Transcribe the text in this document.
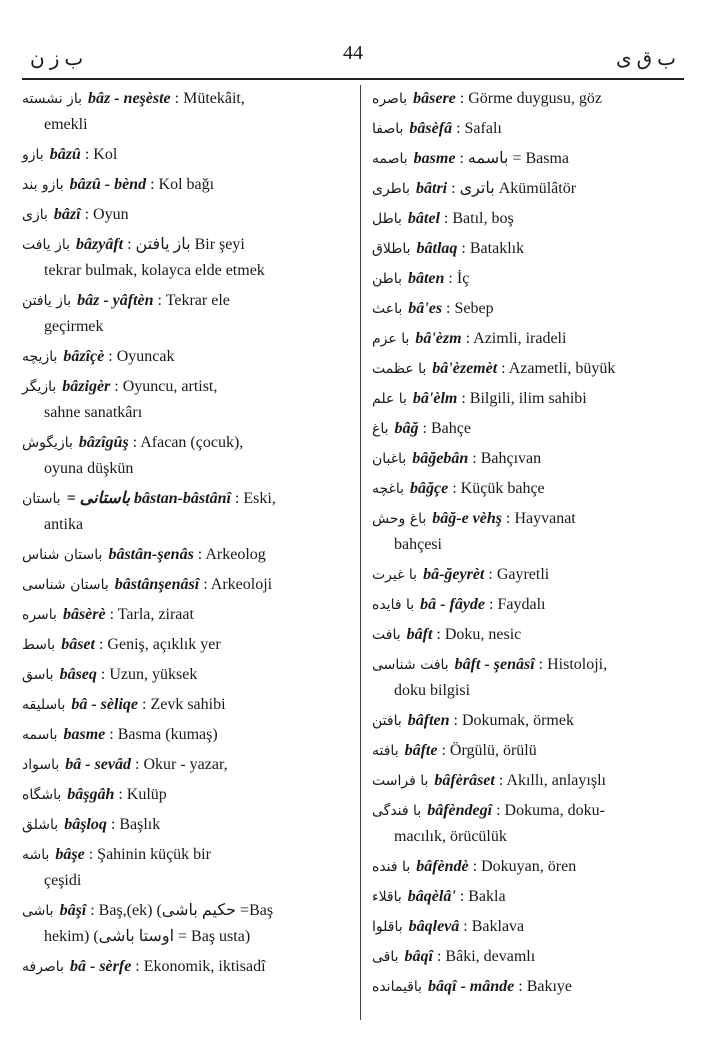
ب ز ن	44	ب ق ی
باز نشسته bâz - neşèste : Mütekâit,
emekli
بازو bâzû : Kol
بازو بند bâzû - bènd : Kol bağı
بازی bâzî : Oyun
باز یافت bâzyâft : باز یافتن Bir şeyi
tekrar bulmak, kolayca elde etmek
باز یافتن bâz - yâftèn : Tekrar ele
geçirmek
بازیچه bâzîçè : Oyuncak
بازیگر bâzigèr : Oyuncu, artist,
sahne sanatkârı
بازیگوش bâzîgûş : Afacan (çocuk),
oyuna düşkün
باستان = باستانی bâstan-bâstânî : Eski,
antika
باستان شناس bâstân-şenâs : Arkeolog
باستان شناسی bâstânşenâsî : Arkeoloji
باسره bâsèrè : Tarla, ziraat
باسط bâset : Geniş, açıklık yer
باسق bâseq : Uzun, yüksek
باسلیقه bâ - sèliqe : Zevk sahibi
باسمه basme : Basma (kumaş)
باسواد bâ - sevâd : Okur - yazar,
باشگاه bâşgâh : Kulüp
باشلق bâşloq : Başlık
باشه bâşe : Şahinin küçük bir
çeşidi
باشی bâşî : Baş,(ek) (حکیم باشی =Baş
hekim) (اوستا باشی = Baş usta)
باصرفه bâ - sèrfe : Ekonomik, iktisadî
باصره bâsere : Görme duygusu, göz
باصفا bâsèfâ : Safalı
باصمه basme : باسمه = Basma
باطری bâtri : باتری Akümülâtör
باطل bâtel : Batıl, boş
باطلاق bâtlaq : Bataklık
باطن bâten : İç
باعث bâ'es : Sebep
با عزم bâ'èzm : Azimli, iradeli
با عظمت bâ'èzemèt : Azametli, büyük
با علم bâ'èlm : Bilgili, ilim sahibi
باغ bâğ : Bahçe
باغبان bâğebân : Bahçıvan
باغچه bâğçe : Küçük bahçe
باغ وحش bâğ-e vèhş : Hayvanat
bahçesi
با غیرت bâ-ğeyrèt : Gayretli
با فایده bâ - fâyde : Faydalı
بافت bâft : Doku, nesic
بافت شناسی bâft - şenâsî : Histoloji,
doku bilgisi
بافتن bâften : Dokumak, örmek
بافته bâfte : Örgülü, örülü
با فراست bâfèrâset : Akıllı, anlayışlı
با فندگی bâfèndegî : Dokuma, doku-
macılık, örücülük
با فنده bâfèndè : Dokuyan, ören
باقلاء bâqèlâ' : Bakla
باقلوا bâqlevâ : Baklava
باقی bâqî : Bâki, devamlı
باقیمانده bâqî - mânde : Bakıye
